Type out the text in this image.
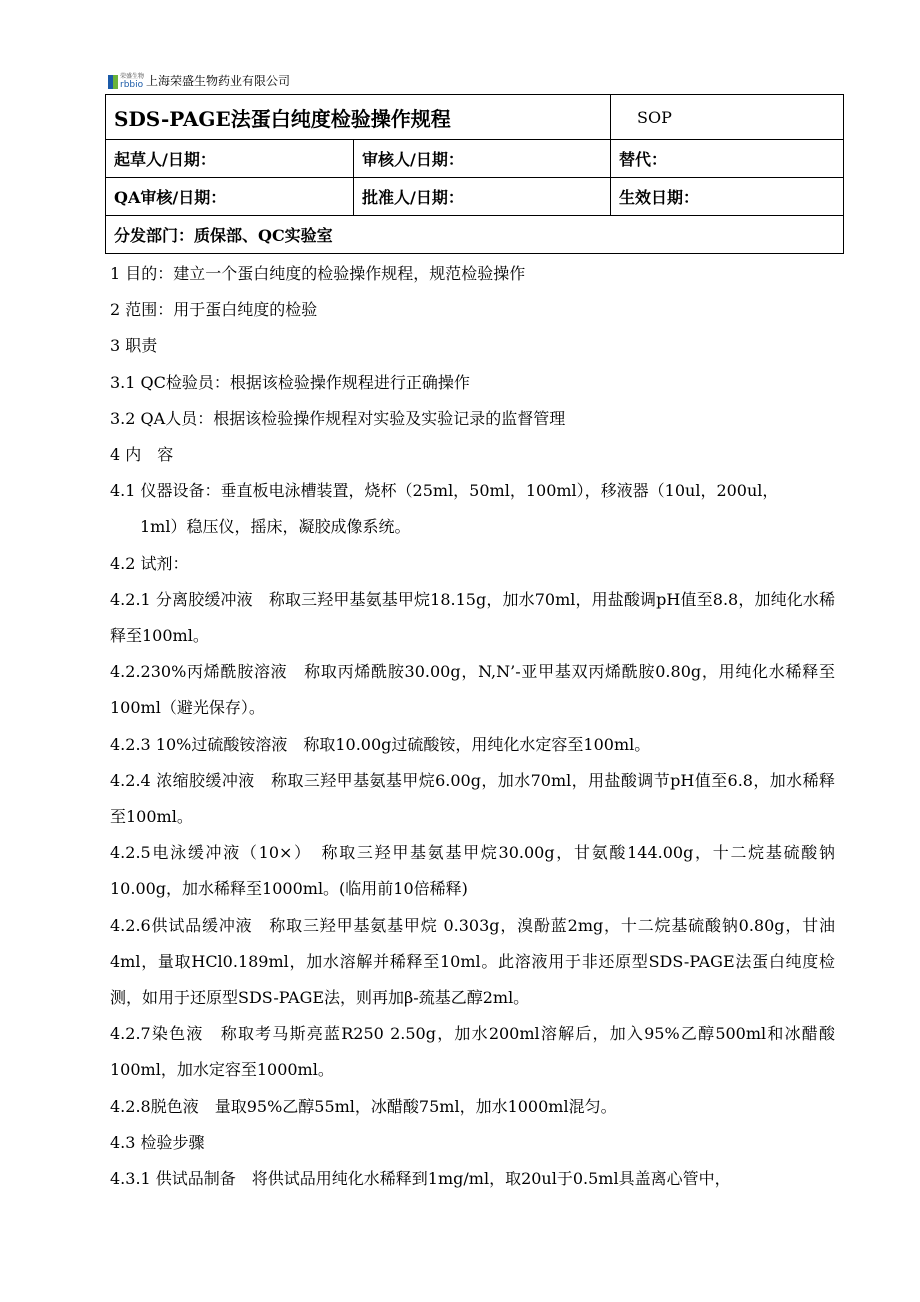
荣盛生物
rbbio 上海荣盛生物药业有限公司
SDS-PAGE法蛋白纯度检验操作规程		SOP
起草人/日期：	审核人/日期：	替代：
QA审核/日期：	批准人/日期：	生效日期：
分发部门：质保部、QC实验室		

1 目的：建立一个蛋白纯度的检验操作规程，规范检验操作

2 范围：用于蛋白纯度的检验

3 职责

3.1 QC检验员：根据该检验操作规程进行正确操作

3.2 QA人员：根据该检验操作规程对实验及实验记录的监督管理

4 内　容

4.1 仪器设备：垂直板电泳槽装置，烧杯（25ml，50ml，100ml），移液器（10ul，200ul，

1ml）稳压仪，摇床，凝胶成像系统。

4.2 试剂：

4.2.1 分离胶缓冲液　称取三羟甲基氨基甲烷18.15g，加水70ml，用盐酸调pH值至8.8，加纯化水稀释至100ml。

4.2.230%丙烯酰胺溶液　称取丙烯酰胺30.00g，N,N’-亚甲基双丙烯酰胺0.80g，用纯化水稀释至100ml（避光保存）。

4.2.3 10%过硫酸铵溶液　称取10.00g过硫酸铵，用纯化水定容至100ml。

4.2.4 浓缩胶缓冲液　称取三羟甲基氨基甲烷6.00g，加水70ml，用盐酸调节pH值至6.8，加水稀释至100ml。

4.2.5电泳缓冲液（10×）　称取三羟甲基氨基甲烷30.00g，甘氨酸144.00g，十二烷基硫酸钠10.00g，加水稀释至1000ml。(临用前10倍稀释)

4.2.6供试品缓冲液　称取三羟甲基氨基甲烷 0.303g，溴酚蓝2mg，十二烷基硫酸钠0.80g，甘油4ml，量取HCl0.189ml，加水溶解并稀释至10ml。此溶液用于非还原型SDS-PAGE法蛋白纯度检测，如用于还原型SDS-PAGE法，则再加β-巯基乙醇2ml。

4.2.7染色液　称取考马斯亮蓝R250 2.50g，加水200ml溶解后，加入95%乙醇500ml和冰醋酸100ml，加水定容至1000ml。

4.2.8脱色液　量取95%乙醇55ml，冰醋酸75ml，加水1000ml混匀。

4.3 检验步骤

4.3.1 供试品制备　将供试品用纯化水稀释到1mg/ml，取20ul于0.5ml具盖离心管中，
